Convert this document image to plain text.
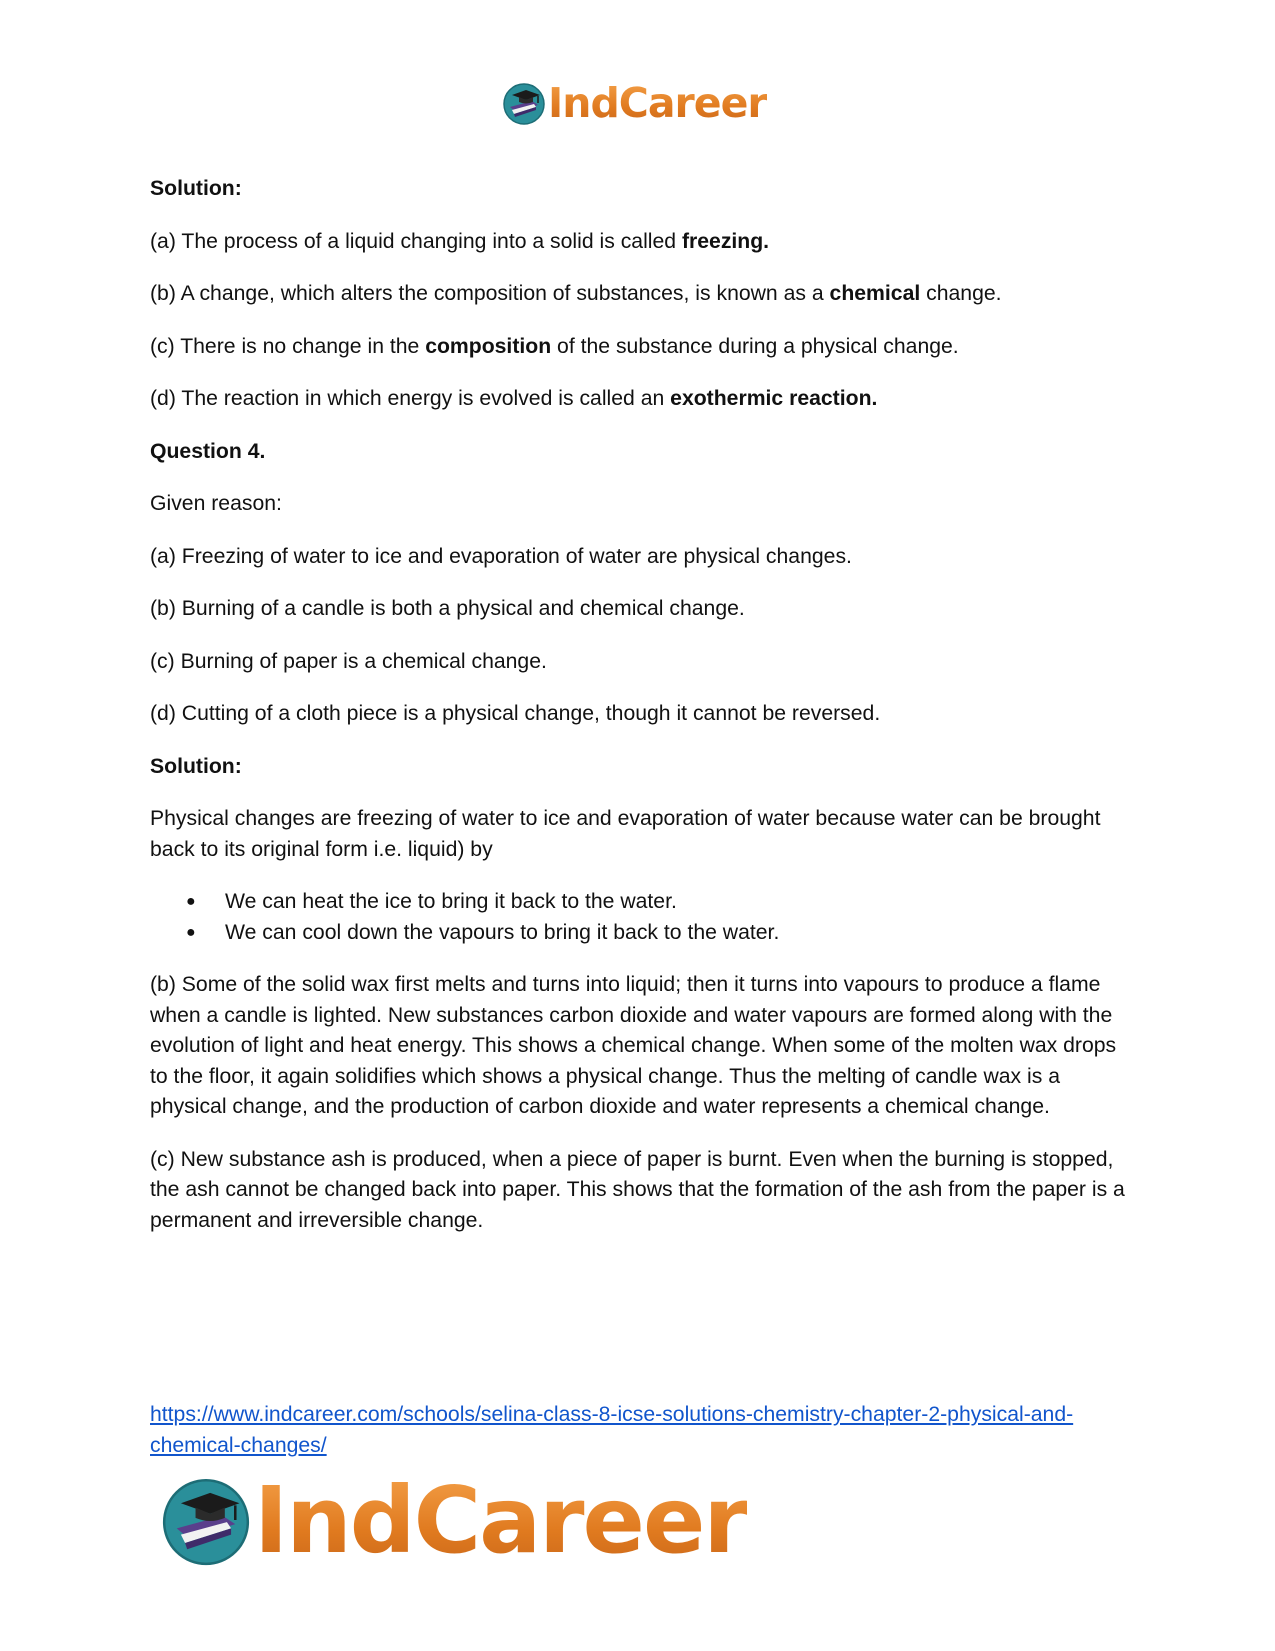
IndCareer

Solution:

(a) The process of a liquid changing into a solid is called freezing.

(b) A change, which alters the composition of substances, is known as a chemical change.

(c) There is no change in the composition of the substance during a physical change.

(d) The reaction in which energy is evolved is called an exothermic reaction.

Question 4.

Given reason:

(a) Freezing of water to ice and evaporation of water are physical changes.

(b) Burning of a candle is both a physical and chemical change.

(c) Burning of paper is a chemical change.

(d) Cutting of a cloth piece is a physical change, though it cannot be reversed.

Solution:

Physical changes are freezing of water to ice and evaporation of water because water can be brought back to its original form i.e. liquid) by

● We can heat the ice to bring it back to the water.
● We can cool down the vapours to bring it back to the water.

(b) Some of the solid wax first melts and turns into liquid; then it turns into vapours to produce a flame when a candle is lighted. New substances carbon dioxide and water vapours are formed along with the evolution of light and heat energy. This shows a chemical change. When some of the molten wax drops to the floor, it again solidifies which shows a physical change. Thus the melting of candle wax is a physical change, and the production of carbon dioxide and water represents a chemical change.

(c) New substance ash is produced, when a piece of paper is burnt. Even when the burning is stopped, the ash cannot be changed back into paper. This shows that the formation of the ash from the paper is a permanent and irreversible change.

https://www.indcareer.com/schools/selina-class-8-icse-solutions-chemistry-chapter-2-physical-and-chemical-changes/
IndCareer
